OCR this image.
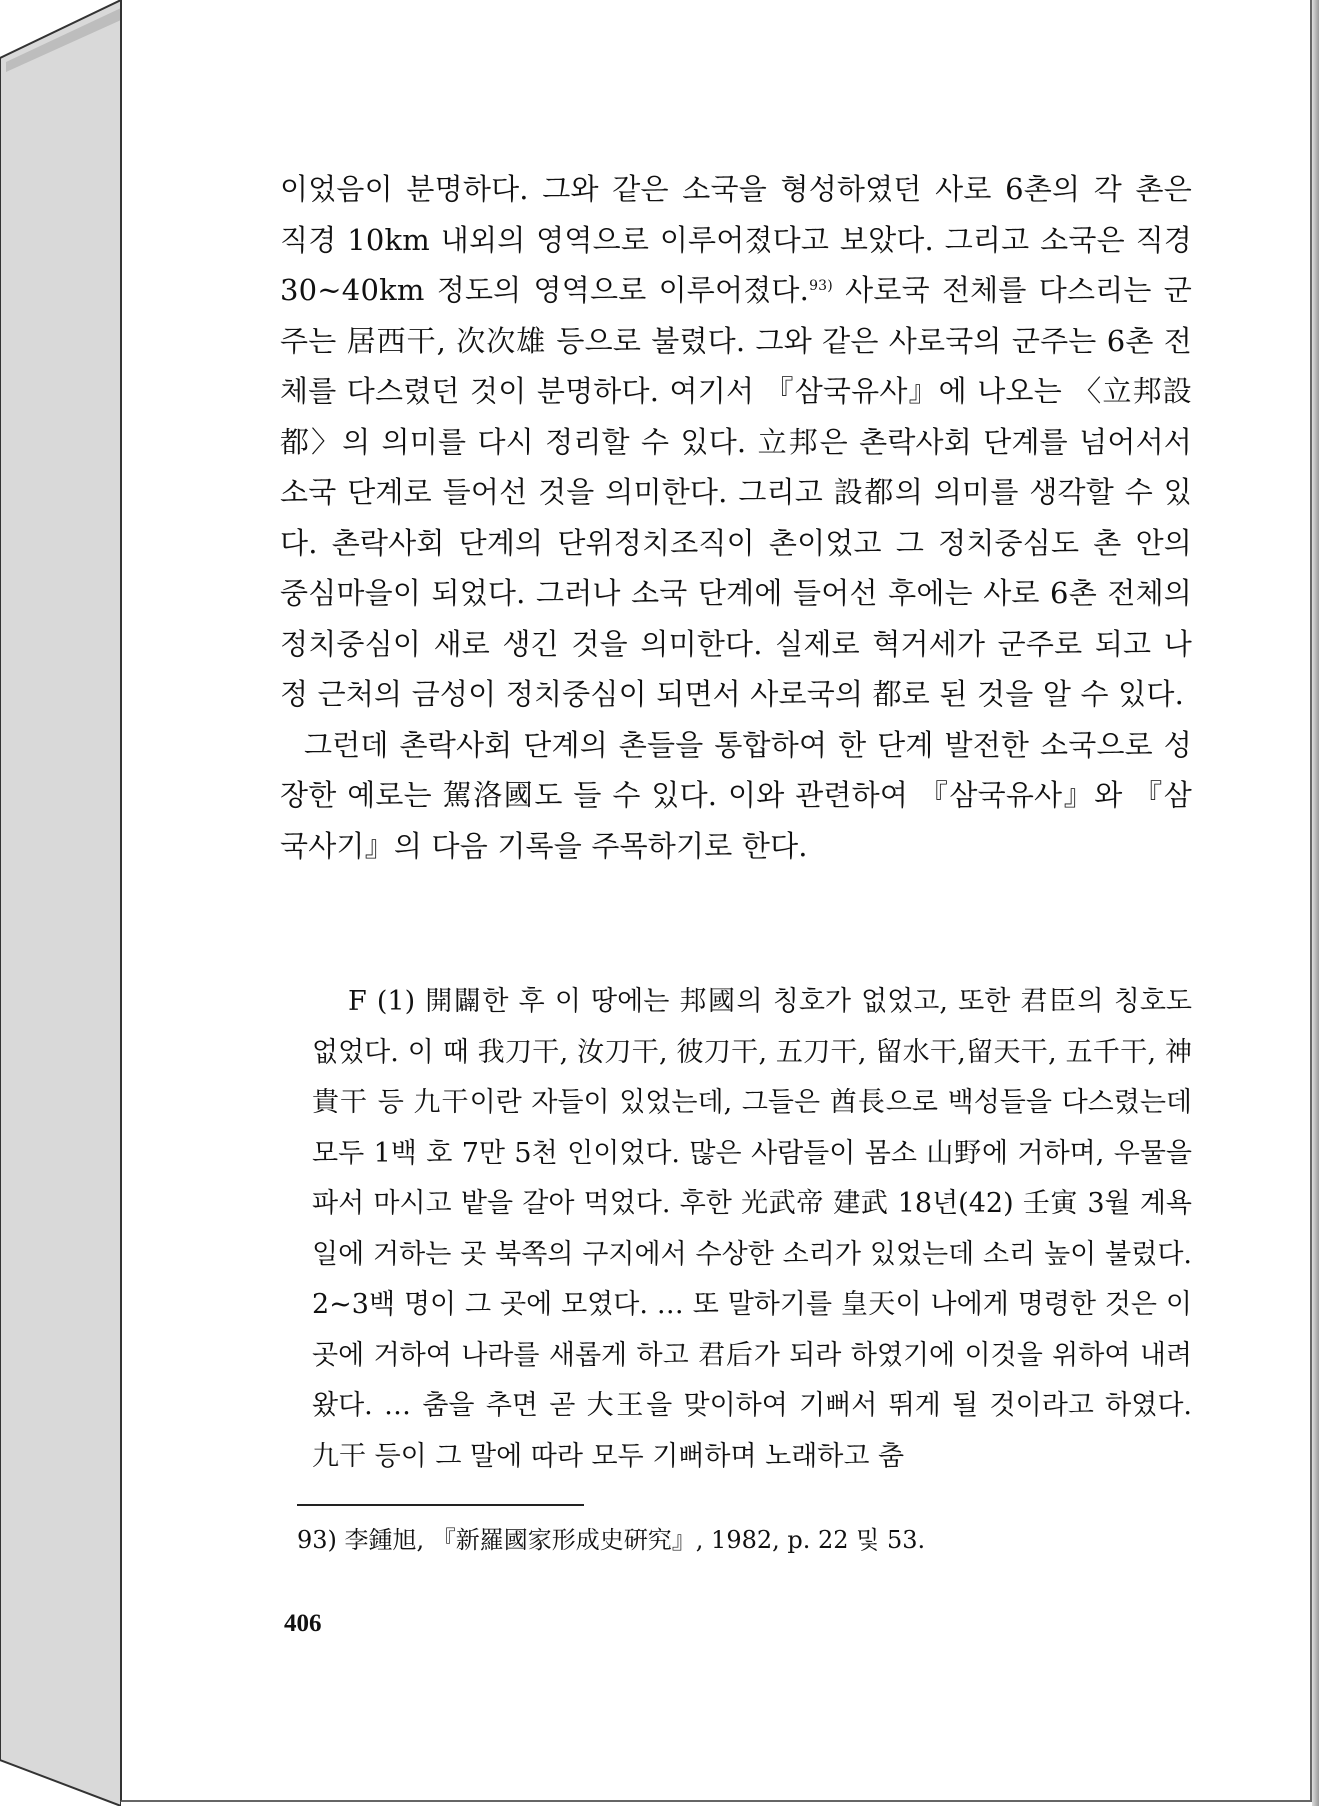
이었음이 분명하다. 그와 같은 소국을 형성하였던 사로 6촌의 각 촌은 직경 10km 내외의 영역으로 이루어졌다고 보았다. 그리고 소국은 직경 30~40km 정도의 영역으로 이루어졌다.$^{93)}$ 사로국 전체를 다스리는 군주는 居西干, 次次雄 등으로 불렸다. 그와 같은 사로국의 군주는 6촌 전체를 다스렸던 것이 분명하다. 여기서 『삼국유사』에 나오는 〈立邦設都〉의 의미를 다시 정리할 수 있다. 立邦은 촌락사회 단계를 넘어서서 소국 단계로 들어선 것을 의미한다. 그리고 設都의 의미를 생각할 수 있다. 촌락사회 단계의 단위정치조직이 촌이었고 그 정치중심도 촌 안의 중심마을이 되었다. 그러나 소국 단계에 들어선 후에는 사로 6촌 전체의 정치중심이 새로 생긴 것을 의미한다. 실제로 혁거세가 군주로 되고 나정 근처의 금성이 정치중심이 되면서 사로국의 都로 된 것을 알 수 있다.

그런데 촌락사회 단계의 촌들을 통합하여 한 단계 발전한 소국으로 성장한 예로는 駕洛國도 들 수 있다. 이와 관련하여 『삼국유사』와 『삼국사기』의 다음 기록을 주목하기로 한다.

F (1) 開闢한 후 이 땅에는 邦國의 칭호가 없었고, 또한 君臣의 칭호도 없었다. 이 때 我刀干, 汝刀干, 彼刀干, 五刀干, 留水干,留天干, 五千干, 神貴干 등 九干이란 자들이 있었는데, 그들은 酋長으로 백성들을 다스렸는데 모두 1백 호 7만 5천 인이었다. 많은 사람들이 몸소 山野에 거하며, 우물을 파서 마시고 밭을 갈아 먹었다. 후한 光武帝 建武 18년(42) 壬寅 3월 계욕일에 거하는 곳 북쪽의 구지에서 수상한 소리가 있었는데 소리 높이 불렀다. 2~3백 명이 그 곳에 모였다. … 또 말하기를 皇天이 나에게 명령한 것은 이 곳에 거하여 나라를 새롭게 하고 君后가 되라 하였기에 이것을 위하여 내려왔다. … 춤을 추면 곧 大王을 맞이하여 기뻐서 뛰게 될 것이라고 하였다. 九干 등이 그 말에 따라 모두 기뻐하며 노래하고 춤

93) 李鍾旭, 『新羅國家形成史硏究』, 1982, p. 22 및 53.
406
